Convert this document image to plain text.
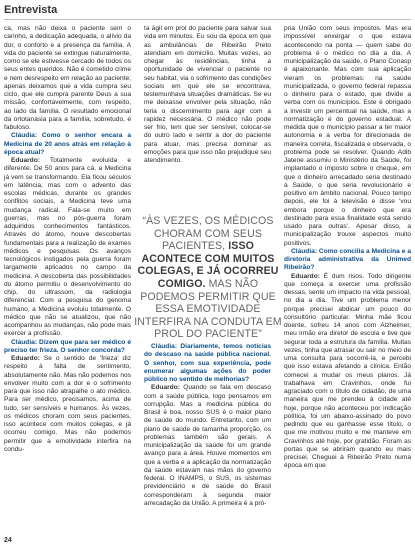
Entrevista

ca, mas não deixa o paciente sem o carinho, a dedicação adequada, o alívio da dor, o conforto e a presença da família. A vida do paciente se extingue naturalmente, como se ele estivesse cercado de todos os seus entes queridos. Não é cometido crime e nem desrespeito em relação ao paciente; apenas deixamos que a vida cumpra seu ciclo, que ele cumpra parente Deus a sua missão, confortavelmente, com respeito, ao lado da família. O resultado emocional da ortotanásia para a família, sobretudo, é fabuloso.

Cláudia: Como o senhor encara a Medicina de 20 anos atrás em relação à época atual?

Eduardo: Totalmente evoluída e diferente. De 50 anos para cá, a Medicina já vem se transformando. Ela ficou séculos em latência, mas com o advento das escolas médicas, durante os grandes conflitos sociais, a Medicina teve uma mudança radical. Fala-se muito em guerras, mas no pós-guerra foram adquiridos conhecimentos fantásticos. Através do átomo, houve descobertas fundamentais para a realização de exames médicos e pesquisas. Os avanços tecnológicos instigados pela guerra foram largamente aplicados no campo da medicina. A descoberta das possibilidades do átomo permitiu o desenvolvimento do chip, do ultrassom, da radiologia diferencial. Com a pesquisa do genoma humano, a Medicina evoluiu totalmente. O médico que não se atualizou, que não acompanhou as mudanças, não pode mais exercer a profissão.

Cláudia: Dizem que para ser médico é preciso ter frieza. O senhor concorda?

Eduardo: Se o sentido de 'frieza' diz respeito à falta de sentimento, absolutamente não. Mas não podemos nos envolver muito com a dor e o sofrimento para que isso não atrapalhe o ato médico. Para ser médico, precisamos, acima de tudo, ser sensíveis e humanos. Às vezes, os médicos choram com seus pacientes, isso acontece com muitos colegas, e já ocorreu comigo. Mas não podemos permitir que a emotividade interfira na condu-

ta ágil em prol do paciente para salvar sua vida em minutos. Eu sou da época em que as ambulâncias de Ribeirão Preto atendiam em domicílio. Muitas vezes, ao chegar às residências, tinha a oportunidade de vivenciar o paciente no seu habitat, via o sofrimento das condições sociais em que ele se encontrava, testemunhava situações dramáticas. Se eu me deixasse envolver pela situação, não teria o discernimento para agir com a rapidez necessária. O médico não pode ser frio, tem que ser sensível, colocar-se do outro lado e sentir a dor do paciente para atuar, mas precisa dominar as emoções para que isso não prejudique seu atendimento.

“ÀS VEZES, OS MÉDICOS CHORAM COM SEUS PACIENTES, ISSO ACONTECE COM MUITOS COLEGAS, E JÁ OCORREU COMIGO. MAS NÃO PODEMOS PERMITIR QUE ESSA EMOTIVIDADE INTERFIRA NA CONDUTA EM PROL DO PACIENTE”

Cláudia: Diariamente, temos notícias do descaso na saúde pública nacional. O senhor, com sua experiência, pode enumerar algumas ações do poder público no sentido de melhorias?

Eduardo: Quando se fala em descaso com a saúde pública, logo pensamos em corrupção. Mas a medicina pública do Brasil é boa, nosso SUS é o maior plano de saúde do mundo. Entretanto, com um plano de saúde de tamanha proporção, os problemas também são gerais. A municipalização da saúde foi um grande avanço para a área. Houve momentos em que a verba e a aplicação da normatização da saúde estavam nas mãos do governo federal. O INAMPS, o SUS, os sistemas previdenciário e de saúde do Brasil corresponderam à segunda maior arrecadação da União. A primeira é a pró-

pria União com seus impostos. Mas era impossível enxergar o que estava acontecendo na ponta — quem sabe do problema é o médico no dia a dia. A municipalização da saúde, o Plano Conasp é apaixonante. Mas com sua aplicação vieram os problemas: na saúde municipalizada, o governo federal repassa o dinheiro para o estado, que divide a verba com os municípios. Este é obrigado a investir um percentual na saúde, mas a normatização é do governo estadual. A medida que o município passar a ter maior autonomia e a verba for direcionada de maneira correta, fiscalizada e observada, o problema pode se resolver. Quando Adib Jatene assumiu o Ministério da Saúde, foi implantado o imposto sobre o cheque, em que o dinheiro arrecadado seria destinado à Saúde, o que seria revolucionário e positivo em âmbito nacional. Pouco tempo depois, ele foi à televisão e disse 'vou embora porque o dinheiro que era destinado para essa finalidade está sendo usado para outras'. Apesar disso, a municipalização trouxe aspectos muito positivos.

Cláudia: Como concilia a Medicina e a diretoria administrativa da Unimed Ribeirão?

Eduardo: É dum risos. Todo dirigente que começa a exercer uma profissão dessas, sente um impacto na vida pessoal, no dia a dia. Tive um problema menor porque precisei abdicar um pouco do consultório particular. Minha mãe ficou doente, sofreu 14 anos com Alzheimer, meu irmão era diretor de escola e tive que segurar toda a estrutura da família. Muitas vezes, tinha que atrasar ou sair no meio de uma consulta para socorrê-la, e percebi que isso estava afetando a clínica. Então comecei a mudar os meus planos. Já trabalhava em Cravinhos, onde fui agraciado com o título de cidadão, de uma maneira que me prendeu à cidade até hoje, porque não aconteceu por indicação política, foi um abaixo-assinado do povo pedindo que eu ganhasse esse título, o que me motivou muito e me manteve em Cravinhos até hoje, por gratidão. Foram as portas que se abriram quando eu mais precisei. Cheguei à Ribeirão Preto numa época em que

24
